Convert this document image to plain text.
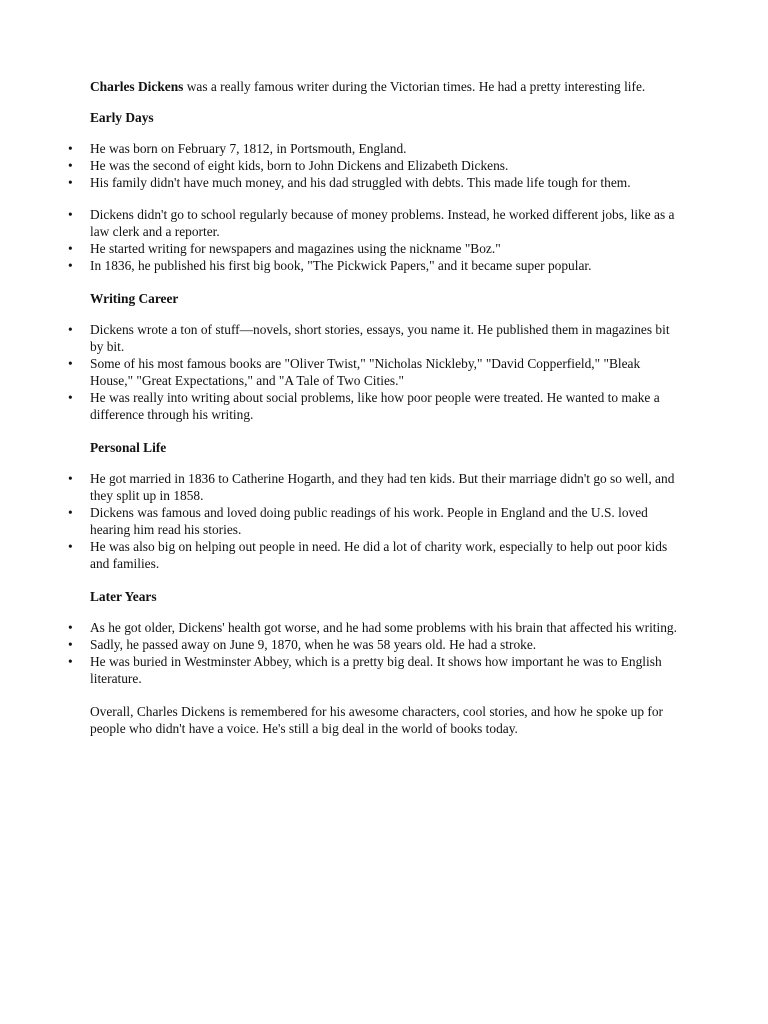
Charles Dickens was a really famous writer during the Victorian times. He had a pretty interesting life.

Early Days

• He was born on February 7, 1812, in Portsmouth, England.
• He was the second of eight kids, born to John Dickens and Elizabeth Dickens.
• His family didn't have much money, and his dad struggled with debts. This made life tough for them.
• Dickens didn't go to school regularly because of money problems. Instead, he worked different jobs, like as a law clerk and a reporter.
• He started writing for newspapers and magazines using the nickname "Boz."
• In 1836, he published his first big book, "The Pickwick Papers," and it became super popular.

Writing Career

• Dickens wrote a ton of stuff—novels, short stories, essays, you name it. He published them in magazines bit by bit.
• Some of his most famous books are "Oliver Twist," "Nicholas Nickleby," "David Copperfield," "Bleak House," "Great Expectations," and "A Tale of Two Cities."
• He was really into writing about social problems, like how poor people were treated. He wanted to make a difference through his writing.

Personal Life

• He got married in 1836 to Catherine Hogarth, and they had ten kids. But their marriage didn't go so well, and they split up in 1858.
• Dickens was famous and loved doing public readings of his work. People in England and the U.S. loved hearing him read his stories.
• He was also big on helping out people in need. He did a lot of charity work, especially to help out poor kids and families.

Later Years

• As he got older, Dickens' health got worse, and he had some problems with his brain that affected his writing.
• Sadly, he passed away on June 9, 1870, when he was 58 years old. He had a stroke.
• He was buried in Westminster Abbey, which is a pretty big deal. It shows how important he was to English literature.

Overall, Charles Dickens is remembered for his awesome characters, cool stories, and how he spoke up for people who didn't have a voice. He's still a big deal in the world of books today.
